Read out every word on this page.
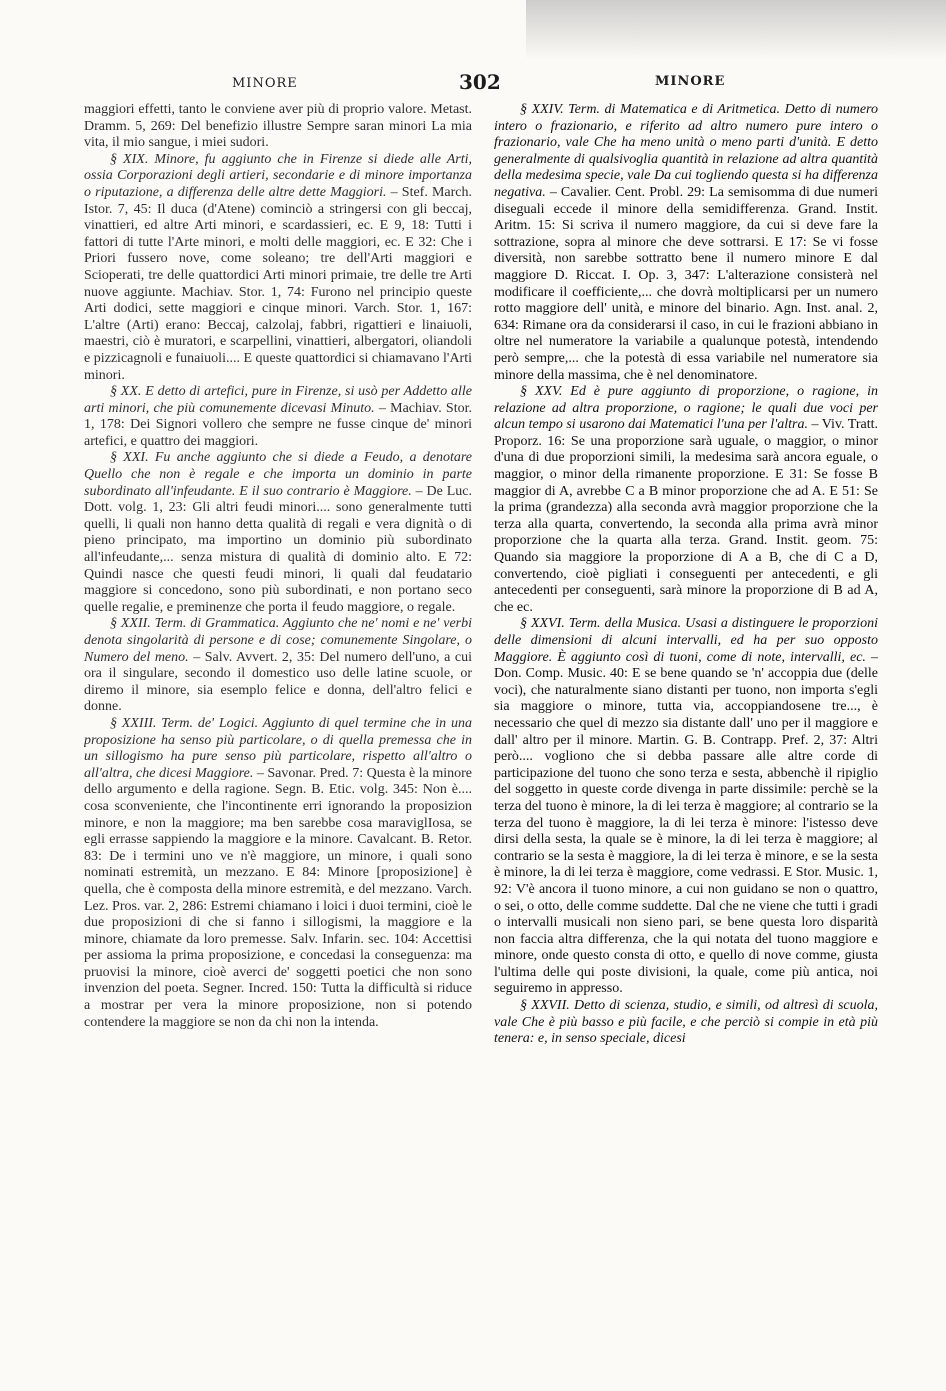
MINORE	302	MINORE

maggiori effetti, tanto le conviene aver più di proprio valore. Metast. Dramm. 5, 269: Del benefizio illustre Sempre saran minori La mia vita, il mio sangue, i miei sudori.

§ XIX. Minore, fu aggiunto che in Firenze si diede alle Arti, ossia Corporazioni degli artieri, secondarie e di minore importanza o riputazione, a differenza delle altre dette Maggiori. – Stef. March. Istor. 7, 45: Il duca (d'Atene) cominciò a stringersi con gli beccaj, vinattieri, ed altre Arti minori, e scardassieri, ec. E 9, 18: Tutti i fattori di tutte l'Arte minori, e molti delle maggiori, ec. E 32: Che i Priori fussero nove, come soleano; tre dell'Arti maggiori e Scioperati, tre delle quattordici Arti minori primaie, tre delle tre Arti nuove aggiunte. Machiav. Stor. 1, 74: Furono nel principio queste Arti dodici, sette maggiori e cinque minori. Varch. Stor. 1, 167: L'altre (Arti) erano: Beccaj, calzolaj, fabbri, rigattieri e linaiuoli, maestri, ciò è muratori, e scarpellini, vinattieri, albergatori, oliandoli e pizzicagnoli e funaiuoli.... E queste quattordici si chiamavano l'Arti minori.

§ XX. E detto di artefici, pure in Firenze, si usò per Addetto alle arti minori, che più comunemente dicevasi Minuto. – Machiav. Stor. 1, 178: Dei Signori vollero che sempre ne fusse cinque de' minori artefici, e quattro dei maggiori.

§ XXI. Fu anche aggiunto che si diede a Feudo, a denotare Quello che non è regale e che importa un dominio in parte subordinato all'infeudante. E il suo contrario è Maggiore. – De Luc. Dott. volg. 1, 23: Gli altri feudi minori.... sono generalmente tutti quelli, li quali non hanno detta qualità di regali e vera dignità o di pieno principato, ma importino un dominio più subordinato all'infeudante,... senza mistura di qualità di dominio alto. E 72: Quindi nasce che questi feudi minori, li quali dal feudatario maggiore si concedono, sono più subordinati, e non portano seco quelle regalie, e preminenze che porta il feudo maggiore, o regale.

§ XXII. Term. di Grammatica. Aggiunto che ne' nomi e ne' verbi denota singolarità di persone e di cose; comunemente Singolare, o Numero del meno. – Salv. Avvert. 2, 35: Del numero dell'uno, a cui ora il singulare, secondo il domestico uso delle latine scuole, or diremo il minore, sia esemplo felice e donna, dell'altro felici e donne.

§ XXIII. Term. de' Logici. Aggiunto di quel termine che in una proposizione ha senso più particolare, o di quella premessa che in un sillogismo ha pure senso più particolare, rispetto all'altro o all'altra, che dicesi Maggiore. – Savonar. Pred. 7: Questa è la minore dello argumento e della ragione. Segn. B. Etic. volg. 345: Non è.... cosa sconveniente, che l'incontinente erri ignorando la proposizion minore, e non la maggiore; ma ben sarebbe cosa maraviglIosa, se egli errasse sappiendo la maggiore e la minore. Cavalcant. B. Retor. 83: De i termini uno ve n'è maggiore, un minore, i quali sono nominati estremità, un mezzano. E 84: Minore [proposizione] è quella, che è composta della minore estremità, e del mezzano. Varch. Lez. Pros. var. 2, 286: Estremi chiamano i loici i duoi termini, cioè le due proposizioni di che si fanno i sillogismi, la maggiore e la minore, chiamate da loro premesse. Salv. Infarin. sec. 104: Accettisi per assioma la prima proposizione, e concedasi la conseguenza: ma pruovisi la minore, cioè averci de' soggetti poetici che non sono invenzion del poeta. Segner. Incred. 150: Tutta la difficultà si riduce a mostrar per vera la minore proposizione, non si potendo contendere la maggiore se non da chi non la intenda.

§ XXIV. Term. di Matematica e di Aritmetica. Detto di numero intero o frazionario, e riferito ad altro numero pure intero o frazionario, vale Che ha meno unità o meno parti d'unità. E detto generalmente di qualsivoglia quantità in relazione ad altra quantità della medesima specie, vale Da cui togliendo questa si ha differenza negativa. – Cavalier. Cent. Probl. 29: La semisomma di due numeri diseguali eccede il minore della semidifferenza. Grand. Instit. Aritm. 15: Si scriva il numero maggiore, da cui si deve fare la sottrazione, sopra al minore che deve sottrarsi. E 17: Se vi fosse diversità, non sarebbe sottratto bene il numero minore E dal maggiore D. Riccat. I. Op. 3, 347: L'alterazione consisterà nel modificare il coefficiente,... che dovrà moltiplicarsi per un numero rotto maggiore dell' unità, e minore del binario. Agn. Inst. anal. 2, 634: Rimane ora da considerarsi il caso, in cui le frazioni abbiano in oltre nel numeratore la variabile a qualunque potestà, intendendo però sempre,... che la potestà di essa variabile nel numeratore sia minore della massima, che è nel denominatore.

§ XXV. Ed è pure aggiunto di proporzione, o ragione, in relazione ad altra proporzione, o ragione; le quali due voci per alcun tempo si usarono dai Matematici l'una per l'altra. – Viv. Tratt. Proporz. 16: Se una proporzione sarà uguale, o maggior, o minor d'una di due proporzioni simili, la medesima sarà ancora eguale, o maggior, o minor della rimanente proporzione. E 31: Se fosse B maggior di A, avrebbe C a B minor proporzione che ad A. E 51: Se la prima (grandezza) alla seconda avrà maggior proporzione che la terza alla quarta, convertendo, la seconda alla prima avrà minor proporzione che la quarta alla terza. Grand. Instit. geom. 75: Quando sia maggiore la proporzione di A a B, che di C a D, convertendo, cioè pigliati i conseguenti per antecedenti, e gli antecedenti per conseguenti, sarà minore la proporzione di B ad A, che ec.

§ XXVI. Term. della Musica. Usasi a distinguere le proporzioni delle dimensioni di alcuni intervalli, ed ha per suo opposto Maggiore. È aggiunto così di tuoni, come di note, intervalli, ec. – Don. Comp. Music. 40: E se bene quando se 'n' accoppia due (delle voci), che naturalmente siano distanti per tuono, non importa s'egli sia maggiore o minore, tutta via, accoppiandosene tre..., è necessario che quel di mezzo sia distante dall' uno per il maggiore e dall' altro per il minore. Martin. G. B. Contrapp. Pref. 2, 37: Altri però.... vogliono che si debba passare alle altre corde di participazione del tuono che sono terza e sesta, abbenchè il ripiglio del soggetto in queste corde divenga in parte dissimile: perchè se la terza del tuono è minore, la di lei terza è maggiore; al contrario se la terza del tuono è maggiore, la di lei terza è minore: l'istesso deve dirsi della sesta, la quale se è minore, la di lei terza è maggiore; al contrario se la sesta è maggiore, la di lei terza è minore, e se la sesta è minore, la di lei terza è maggiore, come vedrassi. E Stor. Music. 1, 92: V'è ancora il tuono minore, a cui non guidano se non o quattro, o sei, o otto, delle comme suddette. Dal che ne viene che tutti i gradi o intervalli musicali non sieno pari, se bene questa loro disparità non faccia altra differenza, che la qui notata del tuono maggiore e minore, onde questo consta di otto, e quello di nove comme, giusta l'ultima delle qui poste divisioni, la quale, come più antica, noi seguiremo in appresso.

§ XXVII. Detto di scienza, studio, e simili, od altresì di scuola, vale Che è più basso e più facile, e che perciò si compie in età più tenera: e, in senso speciale, dicesi
